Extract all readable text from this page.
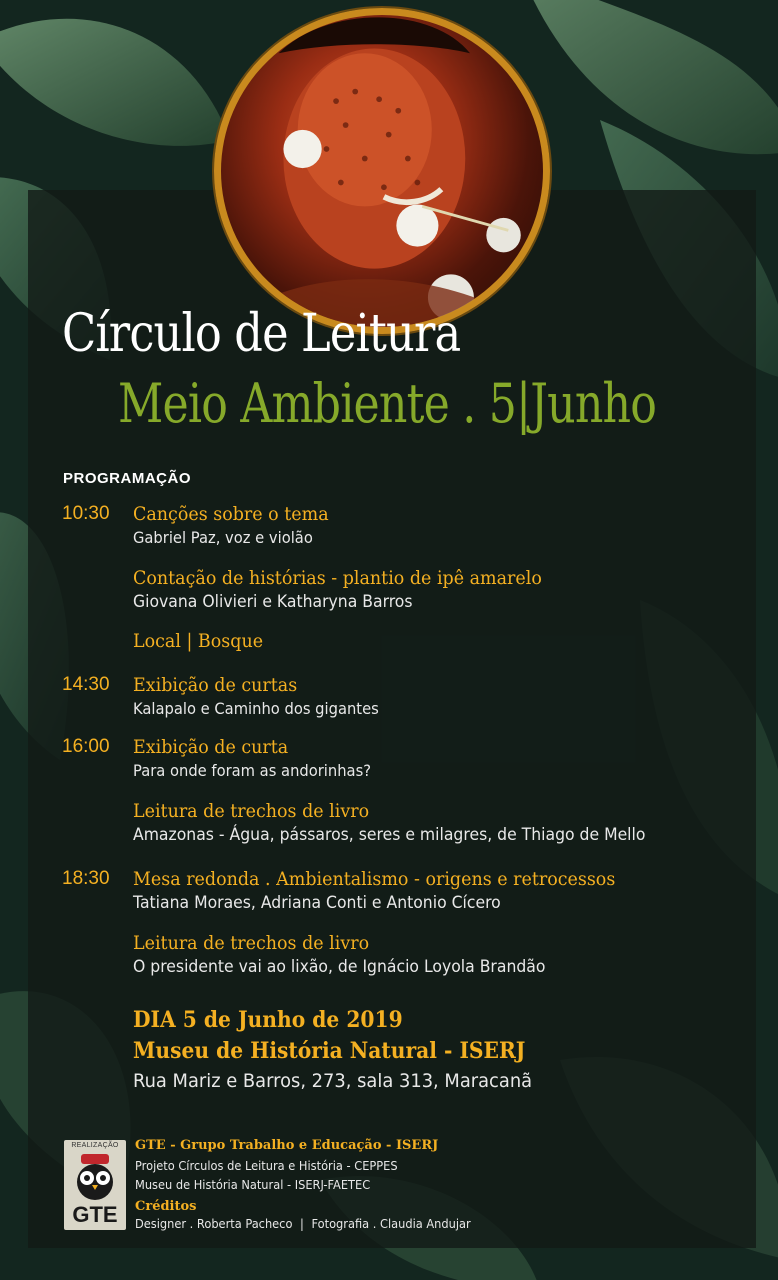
Círculo de Leitura
Meio Ambiente . 5|Junho
PROGRAMAÇÃO
10:30	Canções sobre o tema
Gabriel Paz, voz e violão
Contação de histórias - plantio de ipê amarelo
Giovana Olivieri e Katharyna Barros
Local | Bosque
14:30	Exibição de curtas
Kalapalo e Caminho dos gigantes
16:00	Exibição de curta
Para onde foram as andorinhas?
Leitura de trechos de livro
Amazonas - Água, pássaros, seres e milagres, de Thiago de Mello
18:30	Mesa redonda . Ambientalismo - origens e retrocessos
Tatiana Moraes, Adriana Conti e Antonio Cícero
Leitura de trechos de livro
O presidente vai ao lixão, de Ignácio Loyola Brandão
DIA 5 de Junho de 2019
Museu de História Natural - ISERJ
Rua Mariz e Barros, 273, sala 313, Maracanã
REALIZAÇÃO
GTE
GTE - Grupo Trabalho e Educação - ISERJ
Projeto Círculos de Leitura e História - CEPPES
Museu de História Natural - ISERJ-FAETEC
Créditos
Designer . Roberta Pacheco | Fotografia . Claudia Andujar
